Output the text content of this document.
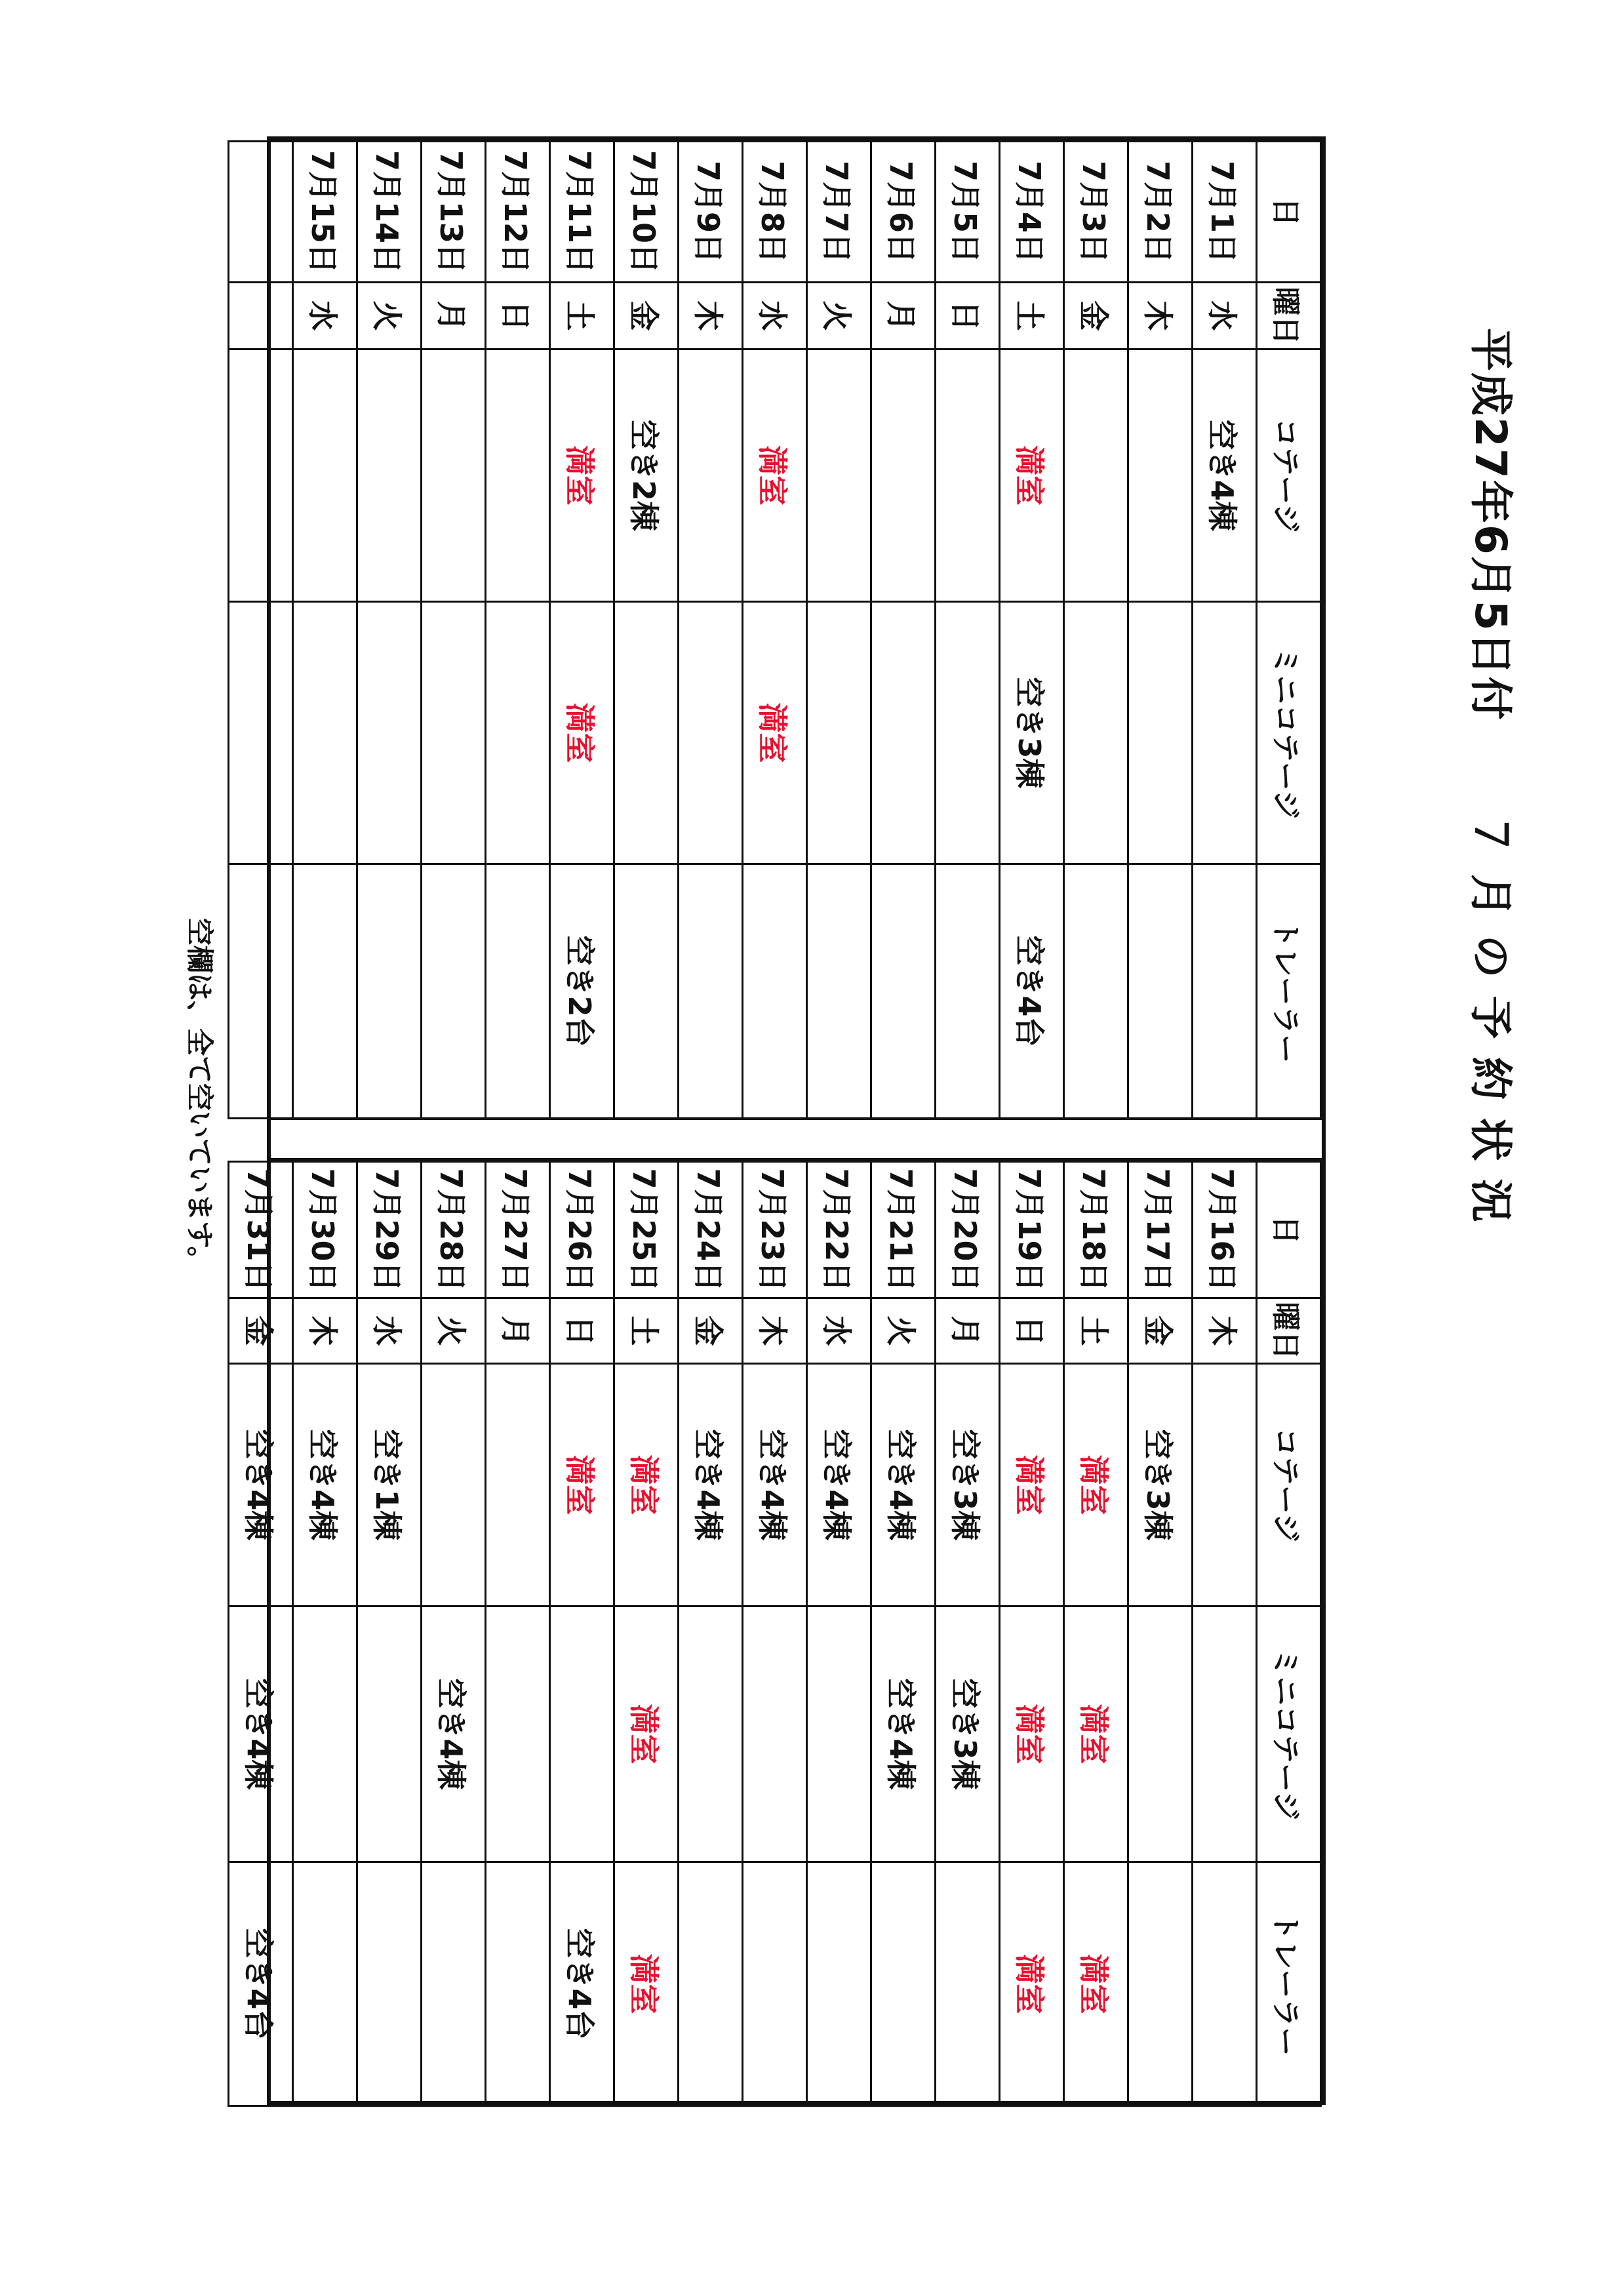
平成27年6月5日付７ 月 の 予 約 状 況
日	曜日	コテージ	ミニコテージ	トレーラー
7月1日	水	空き4棟		
7月2日	木			
7月3日	金			
7月4日	土	満室	空き3棟	空き4台
7月5日	日			
7月6日	月			
7月7日	火			
7月8日	水	満室	満室	
7月9日	木			
7月10日	金	空き2棟		
7月11日	土	満室	満室	空き2台
7月12日	日			
7月13日	月			
7月14日	火			
7月15日	水			

日	曜日	コテージ	ミニコテージ	トレーラー
7月16日	木			
7月17日	金	空き3棟		
7月18日	土	満室	満室	満室
7月19日	日	満室	満室	満室
7月20日	月	空き3棟	空き3棟	
7月21日	火	空き4棟	空き4棟	
7月22日	水	空き4棟		
7月23日	木	空き4棟		
7月24日	金	空き4棟		
7月25日	土	満室	満室	満室
7月26日	日	満室		空き4台
7月27日	月			
7月28日	火		空き4棟	
7月29日	水	空き1棟		
7月30日	木	空き4棟		
7月31日	金	空き4棟	空き4棟	空き4台
空欄は、全て空いています。
